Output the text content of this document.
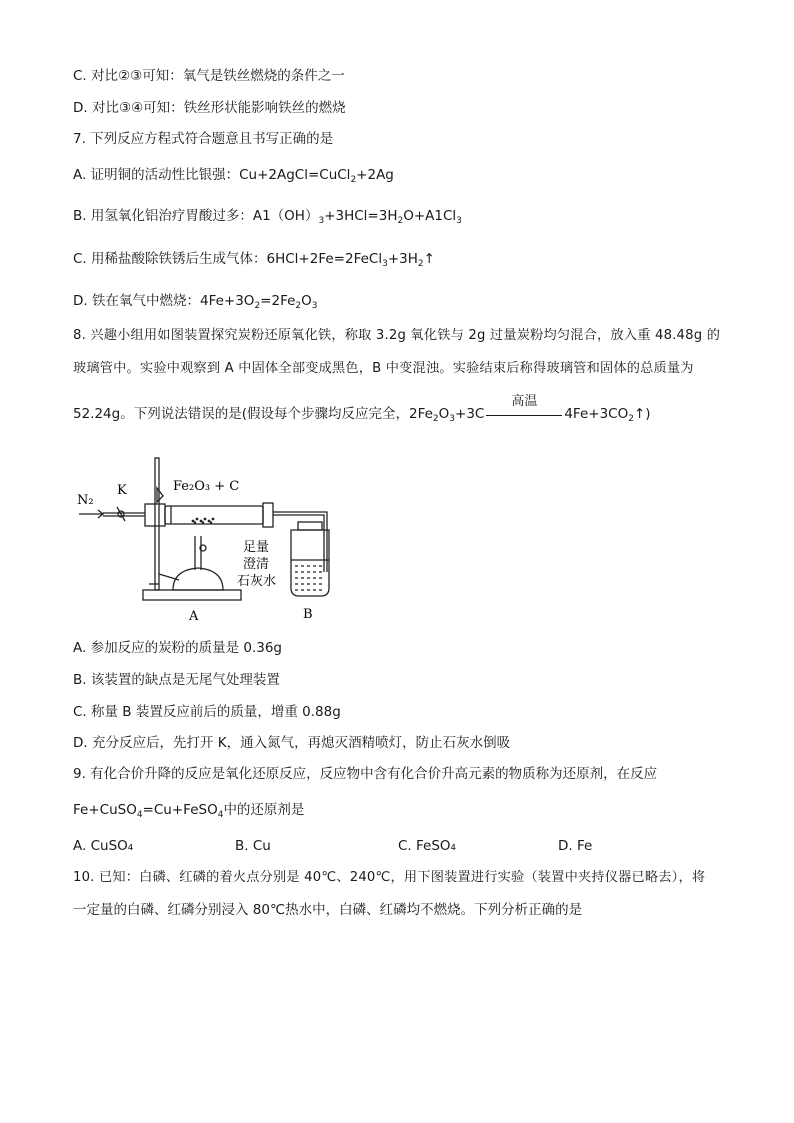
C. 对比②③可知：氧气是铁丝燃烧的条件之一
D. 对比③④可知：铁丝形状能影响铁丝的燃烧
7. 下列反应方程式符合题意且书写正确的是
A. 证明铜的活动性比银强：Cu+2AgCl=CuCl$_2$+2Ag
B. 用氢氧化铝治疗胃酸过多：$A1(OH)_3+3HCl=3H_2O+A1Cl_3$
C. 用稀盐酸除铁锈后生成气体：$6HCl+2Fe=2FeCl_3+3H_2↑$
D. 铁在氧气中燃烧：$4Fe+3O_2=2Fe_2O_3$
8. 兴趣小组用如图装置探究炭粉还原氧化铁，称取 3.2g 氧化铁与 2g 过量炭粉均匀混合，放入重 48.48g 的
玻璃管中。实验中观察到 A 中固体全部变成黑色，B 中变混浊。实验结束后称得玻璃管和固体的总质量为
52.24g。下列说法错误的是(假设每个步骤均反应完全，$2Fe_2O_3+3C$
高温
$4Fe+3CO_2↑$)
N₂
K	Fe₂O₃ + C
足量
澄清
石灰水
A	B
A. 参加反应的炭粉的质量是 0.36g
B. 该装置的缺点是无尾气处理装置
C. 称量 B 装置反应前后的质量，增重 0.88g
D. 充分反应后，先打开 K，通入氮气，再熄灭酒精喷灯，防止石灰水倒吸
9. 有化合价升降的反应是氧化还原反应，反应物中含有化合价升高元素的物质称为还原剂，在反应
Fe+CuSO$_4$=Cu+FeSO$_4$中的还原剂是
A. CuSO₄	B. Cu	C. FeSO₄	D. Fe
10. 已知：白磷、红磷的着火点分别是 40℃、240℃，用下图装置进行实验（装置中夹持仪器已略去），将
一定量的白磷、红磷分别浸入 80℃热水中，白磷、红磷均不燃烧。下列分析正确的是
